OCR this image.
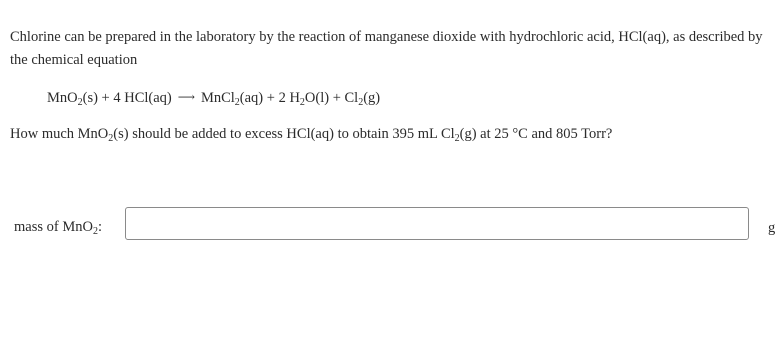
Chlorine can be prepared in the laboratory by the reaction of manganese dioxide with hydrochloric acid, HCl(aq), as described by the chemical equation
MnO$_2$(s) + 4 HCl(aq) ⟶ MnCl$_2$(aq) + 2 $H_2O(l) + Cl_2(g)$
How much MnO$_2$(s) should be added to excess HCl(aq) to obtain 395 mL $Cl_2(g)$ at 25 °C and 805 Torr?
mass of MnO$_2$:	g
